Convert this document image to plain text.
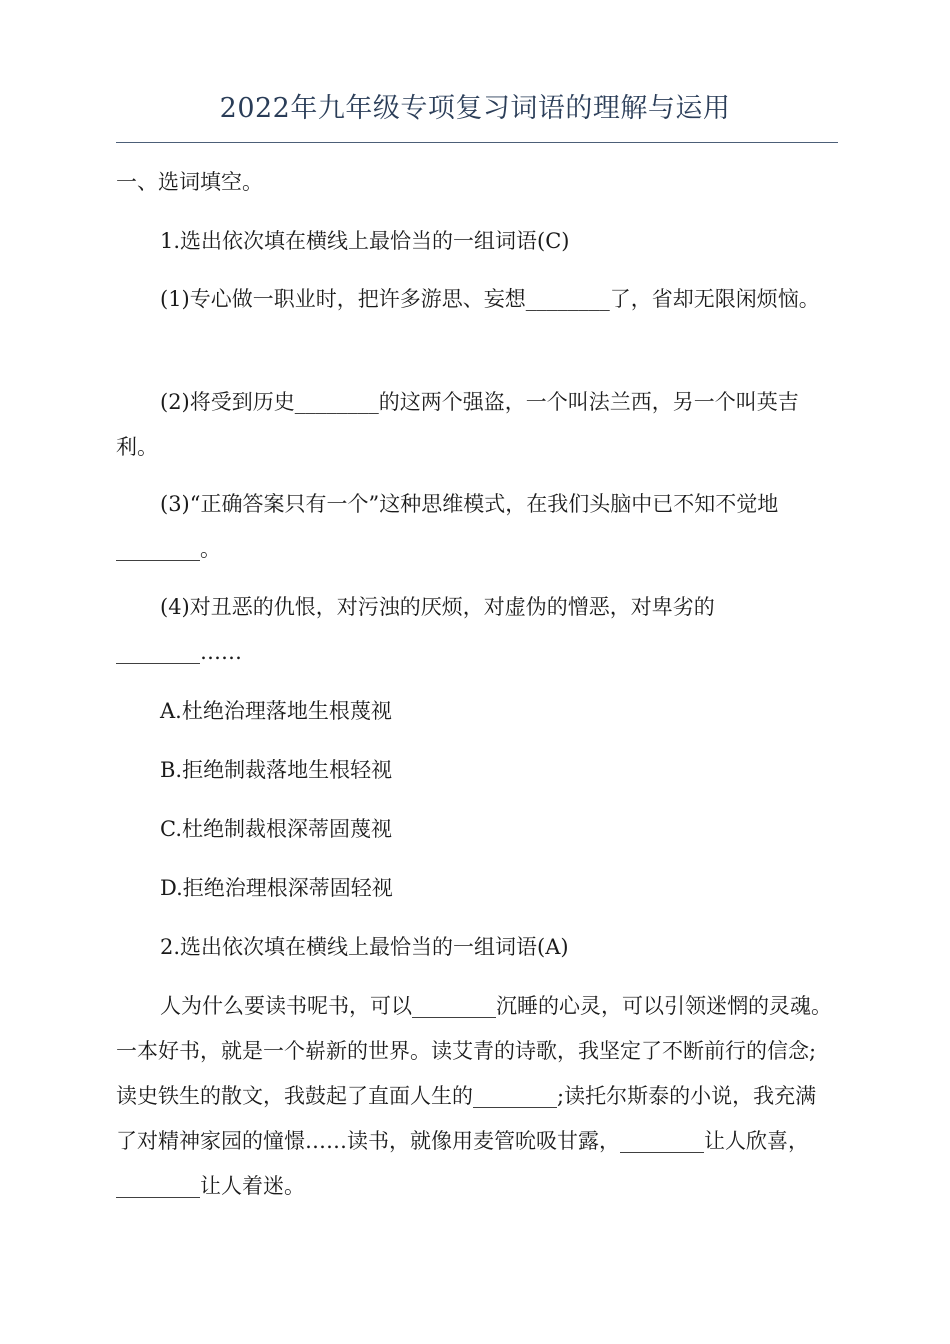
2022年九年级专项复习词语的理解与运用

一、选词填空。

1.选出依次填在横线上最恰当的一组词语(C)

(1)专心做一职业时，把许多游思、妄想________了，省却无限闲烦恼。

(2)将受到历史________的这两个强盗，一个叫法兰西，另一个叫英吉利。

(3)“正确答案只有一个”这种思维模式，在我们头脑中已不知不觉地________。

(4)对丑恶的仇恨，对污浊的厌烦，对虚伪的憎恶，对卑劣的________……

A.杜绝治理落地生根蔑视

B.拒绝制裁落地生根轻视

C.杜绝制裁根深蒂固蔑视

D.拒绝治理根深蒂固轻视

2.选出依次填在横线上最恰当的一组词语(A)

人为什么要读书呢书，可以________沉睡的心灵，可以引领迷惘的灵魂。一本好书，就是一个崭新的世界。读艾青的诗歌，我坚定了不断前行的信念;读史铁生的散文，我鼓起了直面人生的________;读托尔斯泰的小说，我充满了对精神家园的憧憬……读书，就像用麦管吮吸甘露，________让人欣喜，________让人着迷。
